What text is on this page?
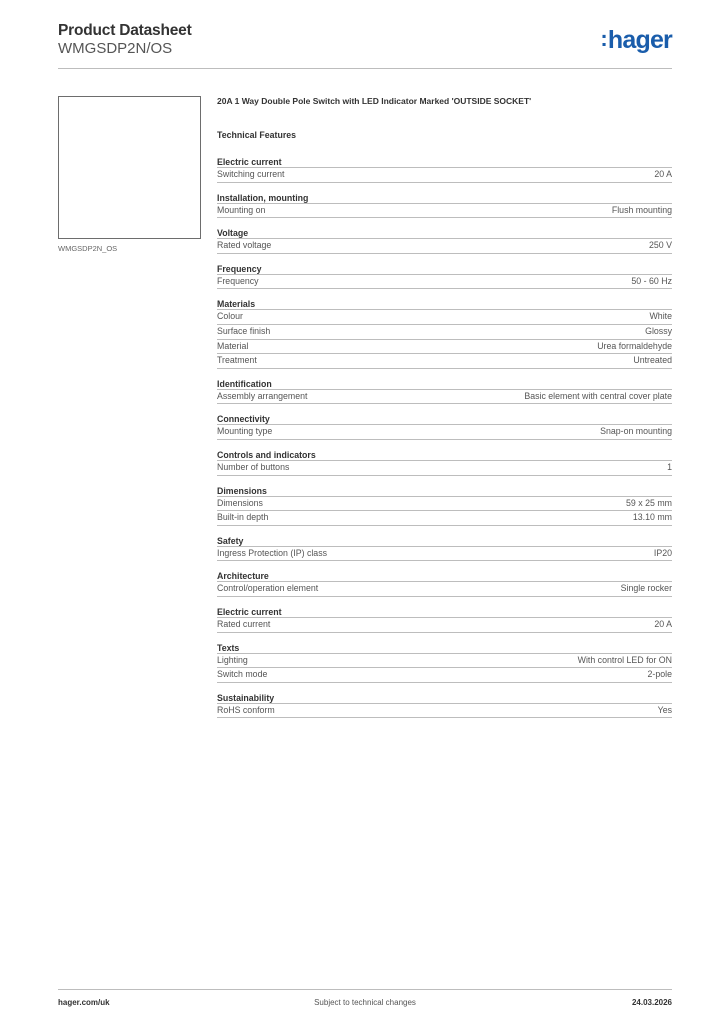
Product Datasheet
WMGSDP2N/OS	:hager
WMGSDP2N_OS
20A 1 Way Double Pole Switch with LED Indicator Marked 'OUTSIDE SOCKET'
Technical Features
Electric current
Switching current	20 A
Installation, mounting
Mounting on	Flush mounting
Voltage
Rated voltage	250 V
Frequency
Frequency	50 - 60 Hz
Materials
Colour	White
Surface finish	Glossy
Material	Urea formaldehyde
Treatment	Untreated
Identification
Assembly arrangement	Basic element with central cover plate
Connectivity
Mounting type	Snap-on mounting
Controls and indicators
Number of buttons	1
Dimensions
Dimensions	59 x 25 mm
Built-in depth	13.10 mm
Safety
Ingress Protection (IP) class	IP20
Architecture
Control/operation element	Single rocker
Electric current
Rated current	20 A
Texts
Lighting	With control LED for ON
Switch mode	2-pole
Sustainability
RoHS conform	Yes
hager.com/uk	Subject to technical changes	24.03.2026
